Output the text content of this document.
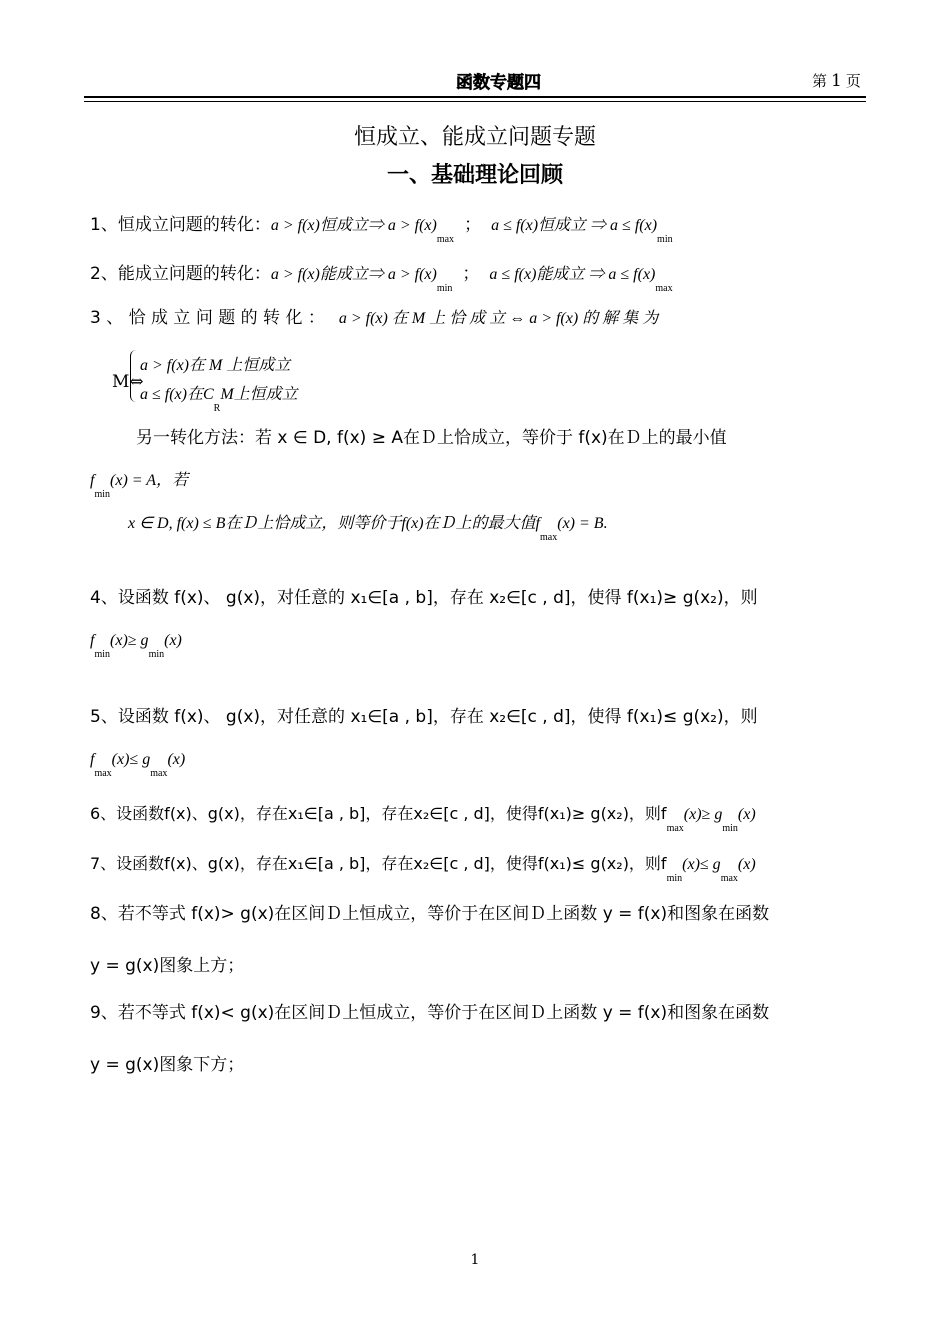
函数专题四	第 1 页
恒成立、能成立问题专题
一、基础理论回顾
1、恒成立问题的转化：a > f(x)恒成立⇒ $a > f(x)_{max}$； a ≤ f(x)恒成立 ⇒ $a \le f(x)_{min}$
2、能成立问题的转化：a > f(x)能成立⇒ $a > f(x)_{min}$； a ≤ f(x)能成立 ⇒ $a \le f(x)_{max}$
3 、 恰 成 立 问 题 的 转 化 ： a > f(x) 在 M 上 恰 成 立 ⇔ a > f(x) 的 解 集 为
M⇔
a > f(x)在 M 上恒成立
a ≤ f(x)在$C_RM$上恒成立
另一转化方法：若 x ∈ D, f(x) ≥ A在Ｄ上恰成立，等价于 f(x)在Ｄ上的最小值
$f_{min}(x) = A$，若
x ∈ D, f(x) ≤ B在Ｄ上恰成立，则等价于f(x)在Ｄ上的最大值$f_{max}(x) = B$.
4、设函数 f(x)、 g(x)，对任意的 x₁∈[a , b]，存在 x₂∈[c , d]，使得 f(x₁)≥ g(x₂)，则
$f_{min}(x)\ge g_{min}(x)$
5、设函数 f(x)、 g(x)，对任意的 x₁∈[a , b]，存在 x₂∈[c , d]，使得 f(x₁)≤ g(x₂)，则
$f_{max}(x)\le g_{max}(x)$
6、设函数f(x)、g(x)，存在x₁∈[a , b]，存在x₂∈[c , d]，使得f(x₁)≥ g(x₂)，则$f_{max}(x)\ge g_{min}(x)$
7、设函数f(x)、g(x)，存在x₁∈[a , b]，存在x₂∈[c , d]，使得f(x₁)≤ g(x₂)，则$f_{min}(x)\le g_{max}(x)$
8、若不等式 f(x)> g(x)在区间Ｄ上恒成立，等价于在区间Ｄ上函数 y = f(x)和图象在函数
y = g(x)图象上方；
9、若不等式 f(x)< g(x)在区间Ｄ上恒成立，等价于在区间Ｄ上函数 y = f(x)和图象在函数
y = g(x)图象下方；
1
